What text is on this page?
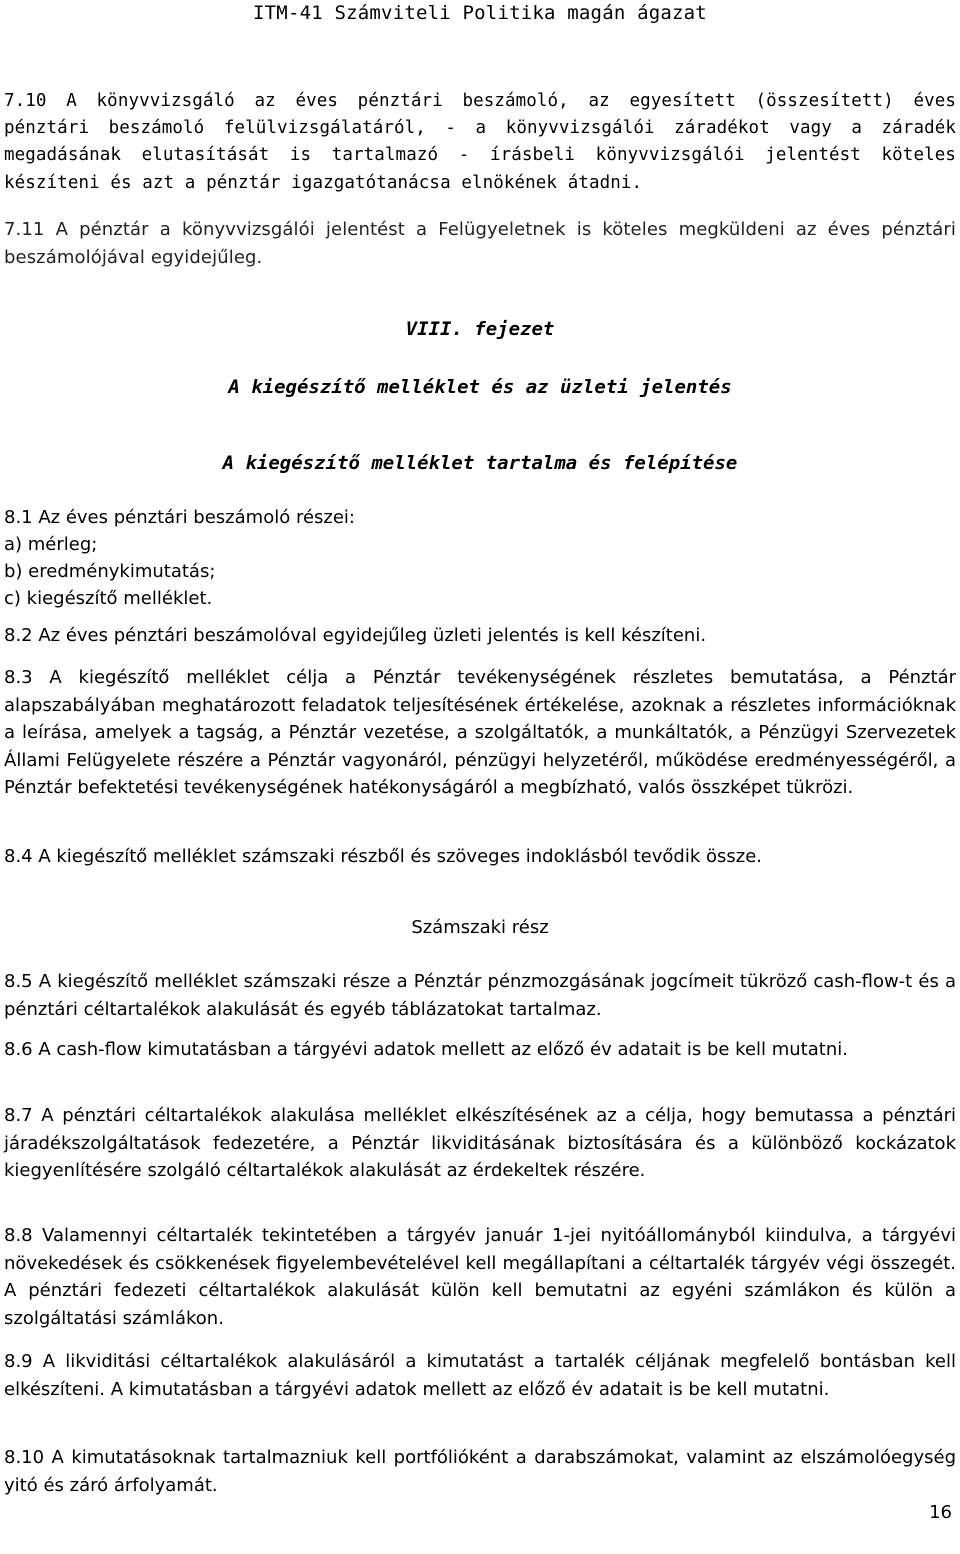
ITM-41 Számviteli Politika magán ágazat

7.10 A könyvvizsgáló az éves pénztári beszámoló, az egyesített (összesített) éves pénztári beszámoló felülvizsgálatáról, - a könyvvizsgálói záradékot vagy a záradék megadásának elutasítását is tartalmazó - írásbeli könyvvizsgálói jelentést köteles készíteni és azt a pénztár igazgatótanácsa elnökének átadni.

7.11 A pénztár a könyvvizsgálói jelentést a Felügyeletnek is köteles megküldeni az éves pénztári beszámolójával egyidejűleg.

VIII. fejezet
A kiegészítő melléklet és az üzleti jelentés
A kiegészítő melléklet tartalma és felépítése
8.1 Az éves pénztári beszámoló részei:
a) mérleg;
b) eredménykimutatás;
c) kiegészítő melléklet.

8.2 Az éves pénztári beszámolóval egyidejűleg üzleti jelentés is kell készíteni.

8.3 A kiegészítő melléklet célja a Pénztár tevékenységének részletes bemutatása, a Pénztár alapszabályában meghatározott feladatok teljesítésének értékelése, azoknak a részletes információknak a leírása, amelyek a tagság, a Pénztár vezetése, a szolgáltatók, a munkáltatók, a Pénzügyi Szervezetek Állami Felügyelete részére a Pénztár vagyonáról, pénzügyi helyzetéről, működése eredményességéről, a Pénztár befektetési tevékenységének hatékonyságáról a megbízható, valós összképet tükrözi.

8.4 A kiegészítő melléklet számszaki részből és szöveges indoklásból tevődik össze.

Számszaki rész

8.5 A kiegészítő melléklet számszaki része a Pénztár pénzmozgásának jogcímeit tükröző cash-flow-t és a pénztári céltartalékok alakulását és egyéb táblázatokat tartalmaz.

8.6 A cash-flow kimutatásban a tárgyévi adatok mellett az előző év adatait is be kell mutatni.

8.7 A pénztári céltartalékok alakulása melléklet elkészítésének az a célja, hogy bemutassa a pénztári járadékszolgáltatások fedezetére, a Pénztár likviditásának biztosítására és a különböző kockázatok kiegyenlítésére szolgáló céltartalékok alakulását az érdekeltek részére.

8.8 Valamennyi céltartalék tekintetében a tárgyév január 1-jei nyitóállományból kiindulva, a tárgyévi növekedések és csökkenések figyelembevételével kell megállapítani a céltartalék tárgyév végi összegét. A pénztári fedezeti céltartalékok alakulását külön kell bemutatni az egyéni számlákon és külön a szolgáltatási számlákon.

8.9 A likviditási céltartalékok alakulásáról a kimutatást a tartalék céljának megfelelő bontásban kell elkészíteni. A kimutatásban a tárgyévi adatok mellett az előző év adatait is be kell mutatni.

8.10 A kimutatásoknak tartalmazniuk kell portfólióként a darabszámokat, valamint az elszámolóegység yitó és záró árfolyamát.

16
